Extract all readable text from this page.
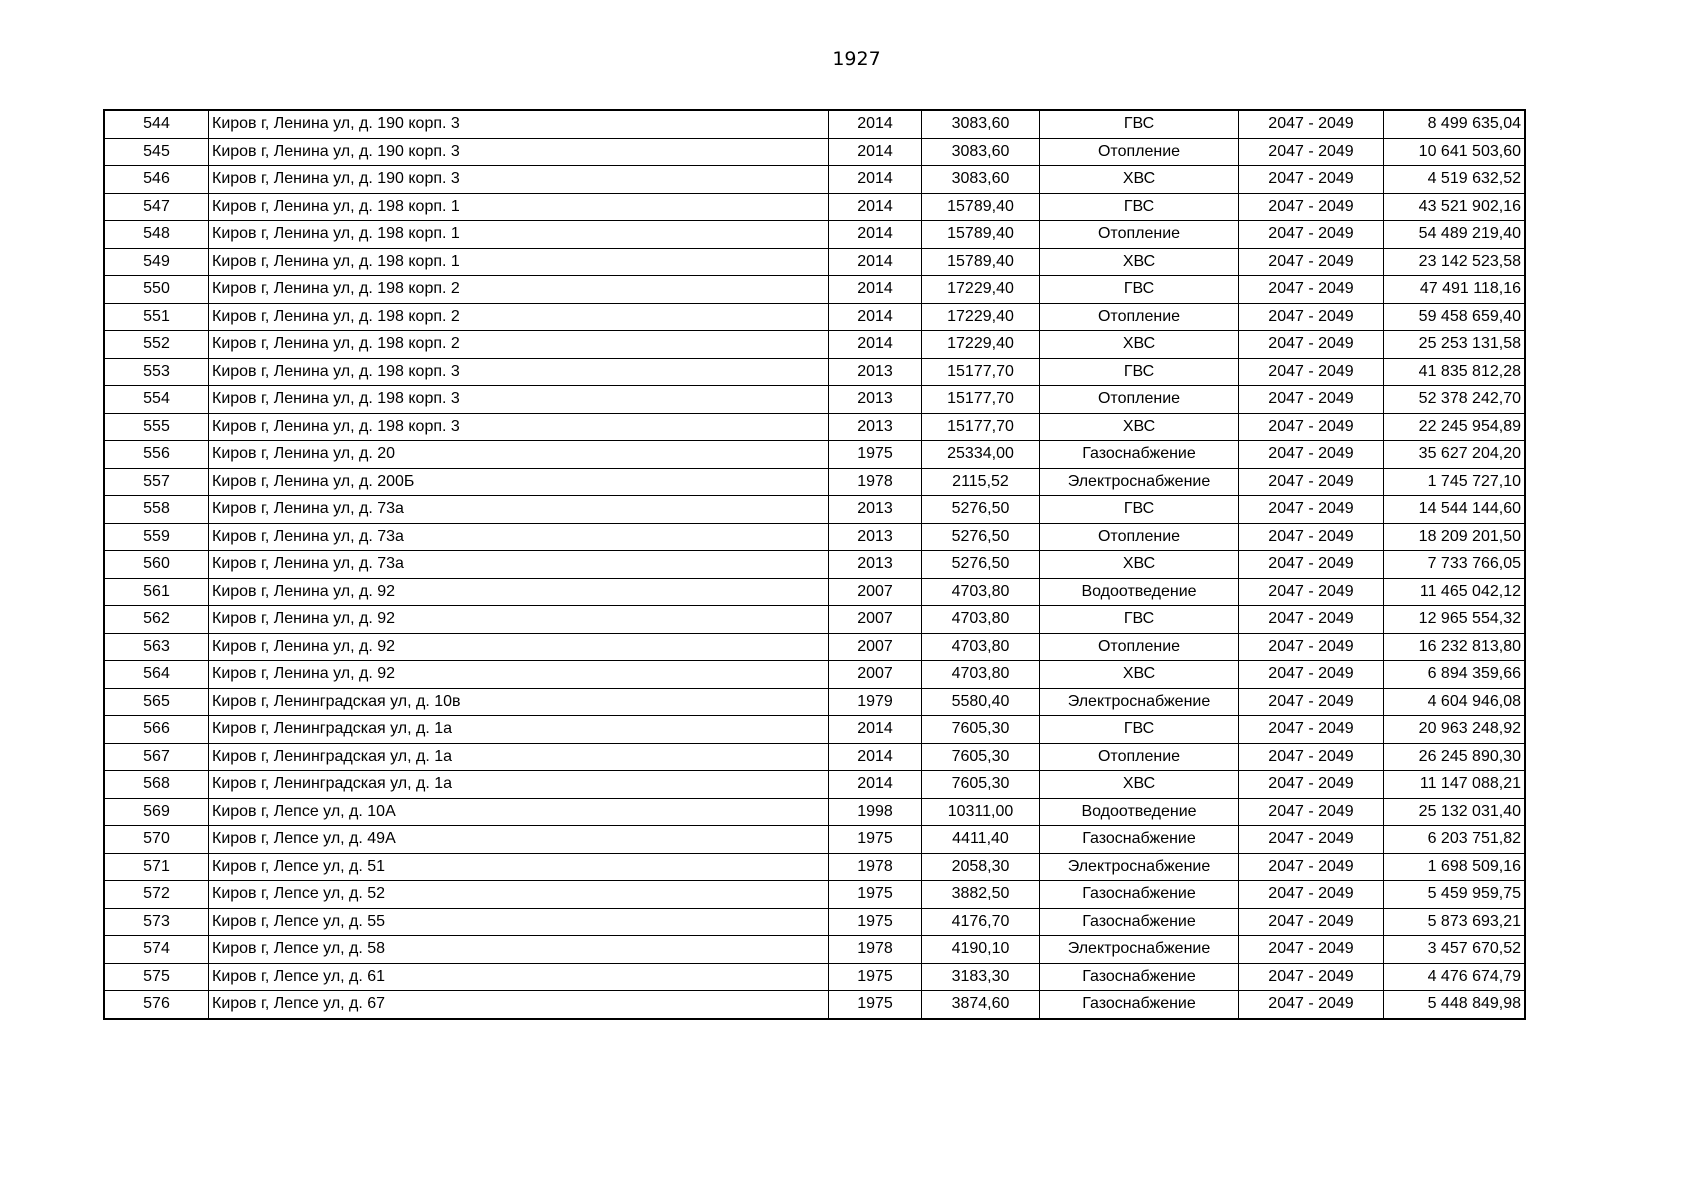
1927
544	Киров г, Ленина ул, д. 190 корп. 3	2014	3083,60	ГВС	2047 - 2049	8 499 635,04
545	Киров г, Ленина ул, д. 190 корп. 3	2014	3083,60	Отопление	2047 - 2049	10 641 503,60
546	Киров г, Ленина ул, д. 190 корп. 3	2014	3083,60	ХВС	2047 - 2049	4 519 632,52
547	Киров г, Ленина ул, д. 198 корп. 1	2014	15789,40	ГВС	2047 - 2049	43 521 902,16
548	Киров г, Ленина ул, д. 198 корп. 1	2014	15789,40	Отопление	2047 - 2049	54 489 219,40
549	Киров г, Ленина ул, д. 198 корп. 1	2014	15789,40	ХВС	2047 - 2049	23 142 523,58
550	Киров г, Ленина ул, д. 198 корп. 2	2014	17229,40	ГВС	2047 - 2049	47 491 118,16
551	Киров г, Ленина ул, д. 198 корп. 2	2014	17229,40	Отопление	2047 - 2049	59 458 659,40
552	Киров г, Ленина ул, д. 198 корп. 2	2014	17229,40	ХВС	2047 - 2049	25 253 131,58
553	Киров г, Ленина ул, д. 198 корп. 3	2013	15177,70	ГВС	2047 - 2049	41 835 812,28
554	Киров г, Ленина ул, д. 198 корп. 3	2013	15177,70	Отопление	2047 - 2049	52 378 242,70
555	Киров г, Ленина ул, д. 198 корп. 3	2013	15177,70	ХВС	2047 - 2049	22 245 954,89
556	Киров г, Ленина ул, д. 20	1975	25334,00	Газоснабжение	2047 - 2049	35 627 204,20
557	Киров г, Ленина ул, д. 200Б	1978	2115,52	Электроснабжение	2047 - 2049	1 745 727,10
558	Киров г, Ленина ул, д. 73а	2013	5276,50	ГВС	2047 - 2049	14 544 144,60
559	Киров г, Ленина ул, д. 73а	2013	5276,50	Отопление	2047 - 2049	18 209 201,50
560	Киров г, Ленина ул, д. 73а	2013	5276,50	ХВС	2047 - 2049	7 733 766,05
561	Киров г, Ленина ул, д. 92	2007	4703,80	Водоотведение	2047 - 2049	11 465 042,12
562	Киров г, Ленина ул, д. 92	2007	4703,80	ГВС	2047 - 2049	12 965 554,32
563	Киров г, Ленина ул, д. 92	2007	4703,80	Отопление	2047 - 2049	16 232 813,80
564	Киров г, Ленина ул, д. 92	2007	4703,80	ХВС	2047 - 2049	6 894 359,66
565	Киров г, Ленинградская ул, д. 10в	1979	5580,40	Электроснабжение	2047 - 2049	4 604 946,08
566	Киров г, Ленинградская ул, д. 1а	2014	7605,30	ГВС	2047 - 2049	20 963 248,92
567	Киров г, Ленинградская ул, д. 1а	2014	7605,30	Отопление	2047 - 2049	26 245 890,30
568	Киров г, Ленинградская ул, д. 1а	2014	7605,30	ХВС	2047 - 2049	11 147 088,21
569	Киров г, Лепсе ул, д. 10А	1998	10311,00	Водоотведение	2047 - 2049	25 132 031,40
570	Киров г, Лепсе ул, д. 49А	1975	4411,40	Газоснабжение	2047 - 2049	6 203 751,82
571	Киров г, Лепсе ул, д. 51	1978	2058,30	Электроснабжение	2047 - 2049	1 698 509,16
572	Киров г, Лепсе ул, д. 52	1975	3882,50	Газоснабжение	2047 - 2049	5 459 959,75
573	Киров г, Лепсе ул, д. 55	1975	4176,70	Газоснабжение	2047 - 2049	5 873 693,21
574	Киров г, Лепсе ул, д. 58	1978	4190,10	Электроснабжение	2047 - 2049	3 457 670,52
575	Киров г, Лепсе ул, д. 61	1975	3183,30	Газоснабжение	2047 - 2049	4 476 674,79
576	Киров г, Лепсе ул, д. 67	1975	3874,60	Газоснабжение	2047 - 2049	5 448 849,98
